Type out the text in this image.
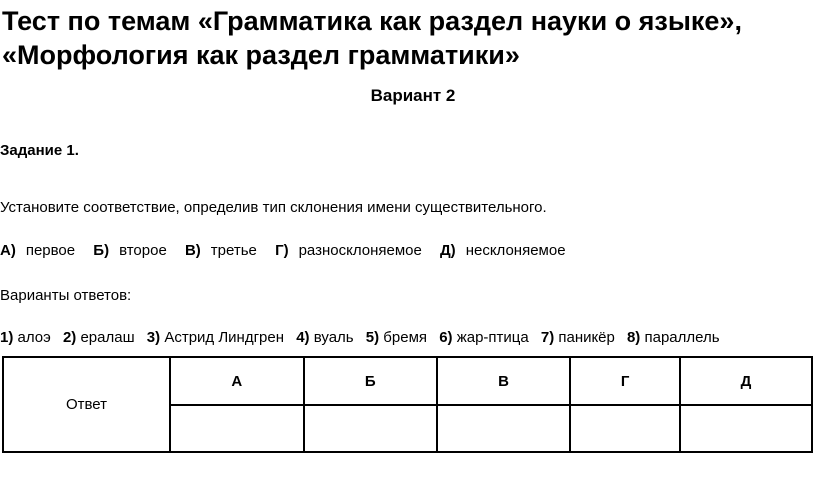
Тест по темам «Грамматика как раздел науки о языке»,
«Морфология как раздел грамматики»
Вариант 2
Задание 1.
Установите соответствие, определив тип склонения имени существительного.
А) первое Б) второе В) третье Г) разносклоняемое Д) несклоняемое
Варианты ответов:
1) алоэ 2) ералаш 3) Астрид Линдгрен 4) вуаль 5) бремя 6) жар-птица 7) паникёр 8) параллель
Ответ	А	Б	В	Г	Д
